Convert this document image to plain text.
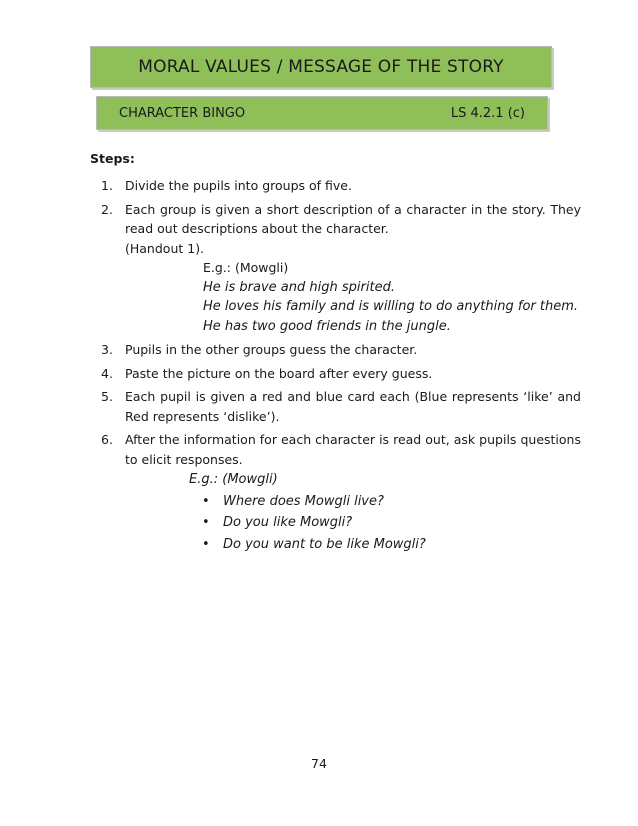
MORAL VALUES / MESSAGE OF THE STORY
CHARACTER BINGO	LS 4.2.1 (c)
Steps:
1. Divide the pupils into groups of five.
2. Each group is given a short description of a character in the story. They read out descriptions about the character.
(Handout 1).
E.g.: (Mowgli)
He is brave and high spirited.
He loves his family and is willing to do anything for them.
He has two good friends in the jungle.
3. Pupils in the other groups guess the character.
4. Paste the picture on the board after every guess.
5. Each pupil is given a red and blue card each (Blue represents ‘like’ and Red represents ‘dislike’).
6. After the information for each character is read out, ask pupils questions to elicit responses.
E.g.: (Mowgli)
•	Where does Mowgli live?
•	Do you like Mowgli?
•	Do you want to be like Mowgli?
74
